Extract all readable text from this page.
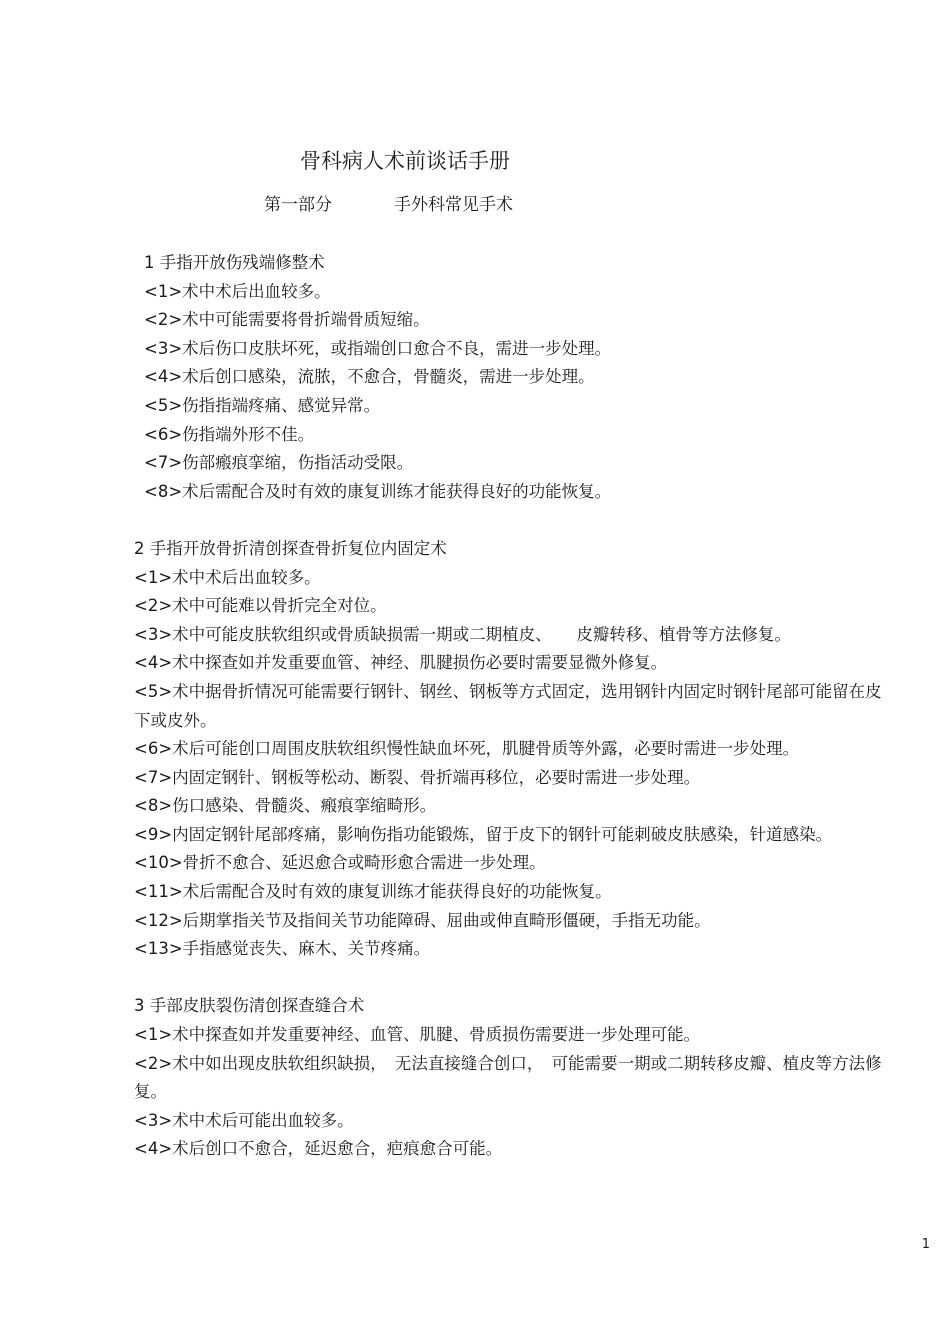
骨科病人术前谈话手册
第一部分	手外科常见手术

1 手指开放伤残端修整术

<1>术中术后出血较多。

<2>术中可能需要将骨折端骨质短缩。

<3>术后伤口皮肤坏死，或指端创口愈合不良，需进一步处理。

<4>术后创口感染，流脓，不愈合，骨髓炎，需进一步处理。

<5>伤指指端疼痛、感觉异常。

<6>伤指端外形不佳。

<7>伤部瘢痕挛缩，伤指活动受限。

<8>术后需配合及时有效的康复训练才能获得良好的功能恢复。

2 手指开放骨折清创探查骨折复位内固定术

<1>术中术后出血较多。

<2>术中可能难以骨折完全对位。

<3>术中可能皮肤软组织或骨质缺损需一期或二期植皮、　　皮瓣转移、植骨等方法修复。

<4>术中探查如并发重要血管、神经、肌腱损伤必要时需要显微外修复。

<5>术中据骨折情况可能需要行钢针、钢丝、钢板等方式固定，选用钢针内固定时钢针尾部可能留在皮下或皮外。

<6>术后可能创口周围皮肤软组织慢性缺血坏死，肌腱骨质等外露，必要时需进一步处理。

<7>内固定钢针、钢板等松动、断裂、骨折端再移位，必要时需进一步处理。

<8>伤口感染、骨髓炎、瘢痕挛缩畸形。

<9>内固定钢针尾部疼痛，影响伤指功能锻炼，留于皮下的钢针可能刺破皮肤感染，针道感染。

<10>骨折不愈合、延迟愈合或畸形愈合需进一步处理。

<11>术后需配合及时有效的康复训练才能获得良好的功能恢复。

<12>后期掌指关节及指间关节功能障碍、屈曲或伸直畸形僵硬，手指无功能。

<13>手指感觉丧失、麻木、关节疼痛。

3 手部皮肤裂伤清创探查缝合术

<1>术中探查如并发重要神经、血管、肌腱、骨质损伤需要进一步处理可能。

<2>术中如出现皮肤软组织缺损，　无法直接缝合创口，　可能需要一期或二期转移皮瓣、植皮等方法修复。

<3>术中术后可能出血较多。

<4>术后创口不愈合，延迟愈合，疤痕愈合可能。

1
